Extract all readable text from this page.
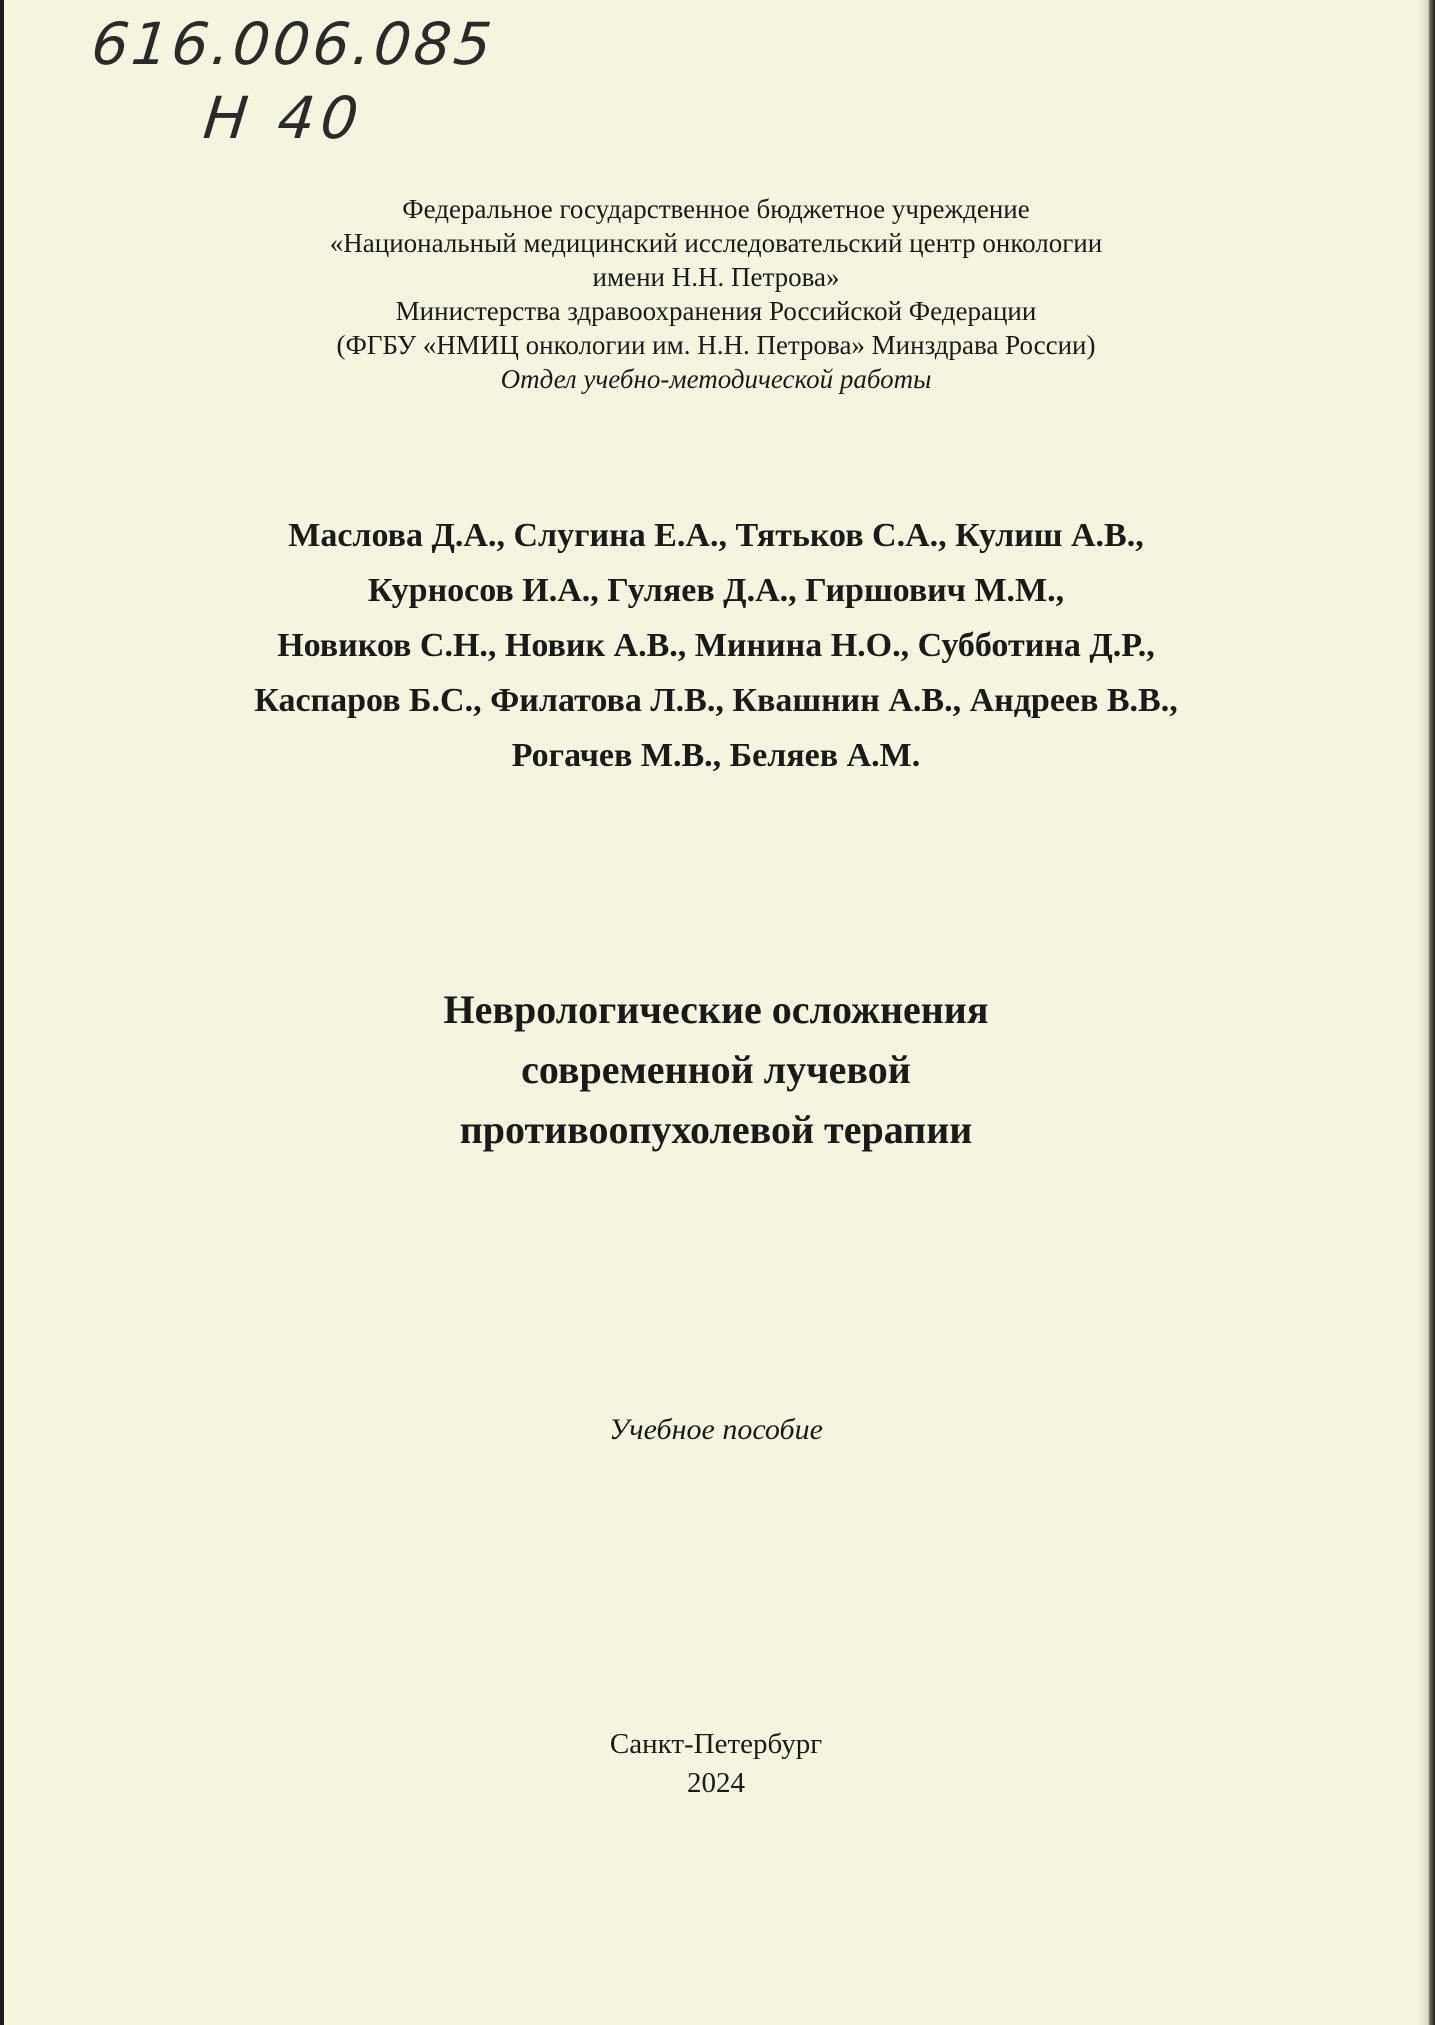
616.006.085
Н 40
Федеральное государственное бюджетное учреждение
«Национальный медицинский исследовательский центр онкологии
имени Н.Н. Петрова»
Министерства здравоохранения Российской Федерации
(ФГБУ «НМИЦ онкологии им. Н.Н. Петрова» Минздрава России)
Отдел учебно-методической работы
Маслова Д.А., Слугина Е.А., Тятьков С.А., Кулиш А.В.,
Курносов И.А., Гуляев Д.А., Гиршович М.М.,
Новиков С.Н., Новик А.В., Минина Н.О., Субботина Д.Р.,
Каспаров Б.С., Филатова Л.В., Квашнин А.В., Андреев В.В.,
Рогачев М.В., Беляев А.М.
Неврологические осложнения
современной лучевой
противоопухолевой терапии
Учебное пособие
Санкт-Петербург
2024
